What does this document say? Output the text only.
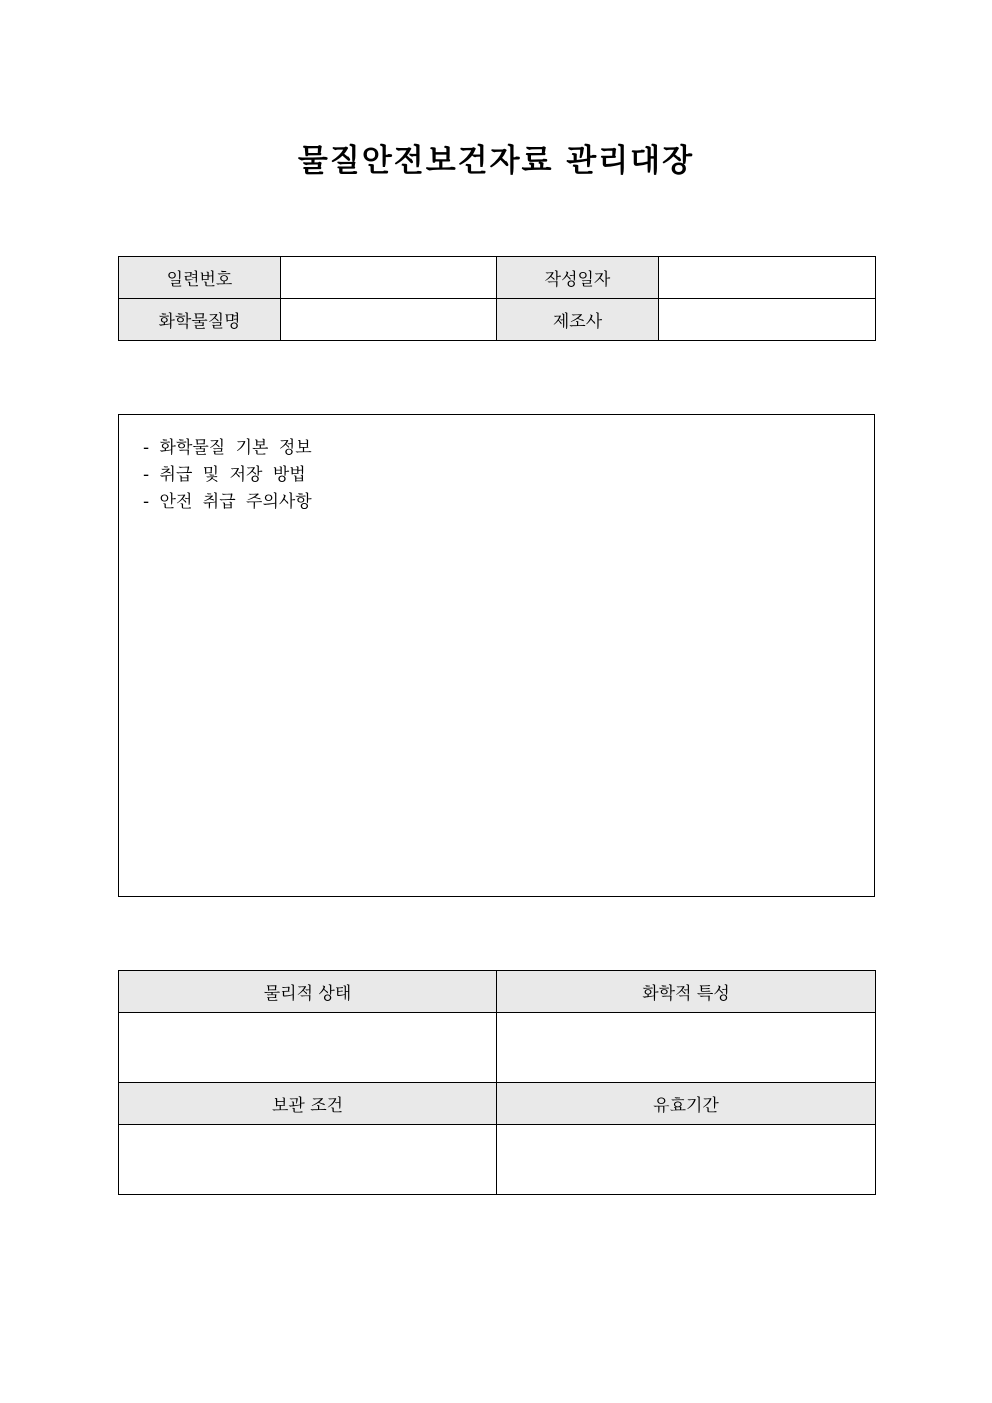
물질안전보건자료 관리대장
일련번호		작성일자	
화학물질명		제조사	
- 화학물질 기본 정보
- 취급 및 저장 방법
- 안전 취급 주의사항
물리적 상태	화학적 특성

보관 조건	유효기간
